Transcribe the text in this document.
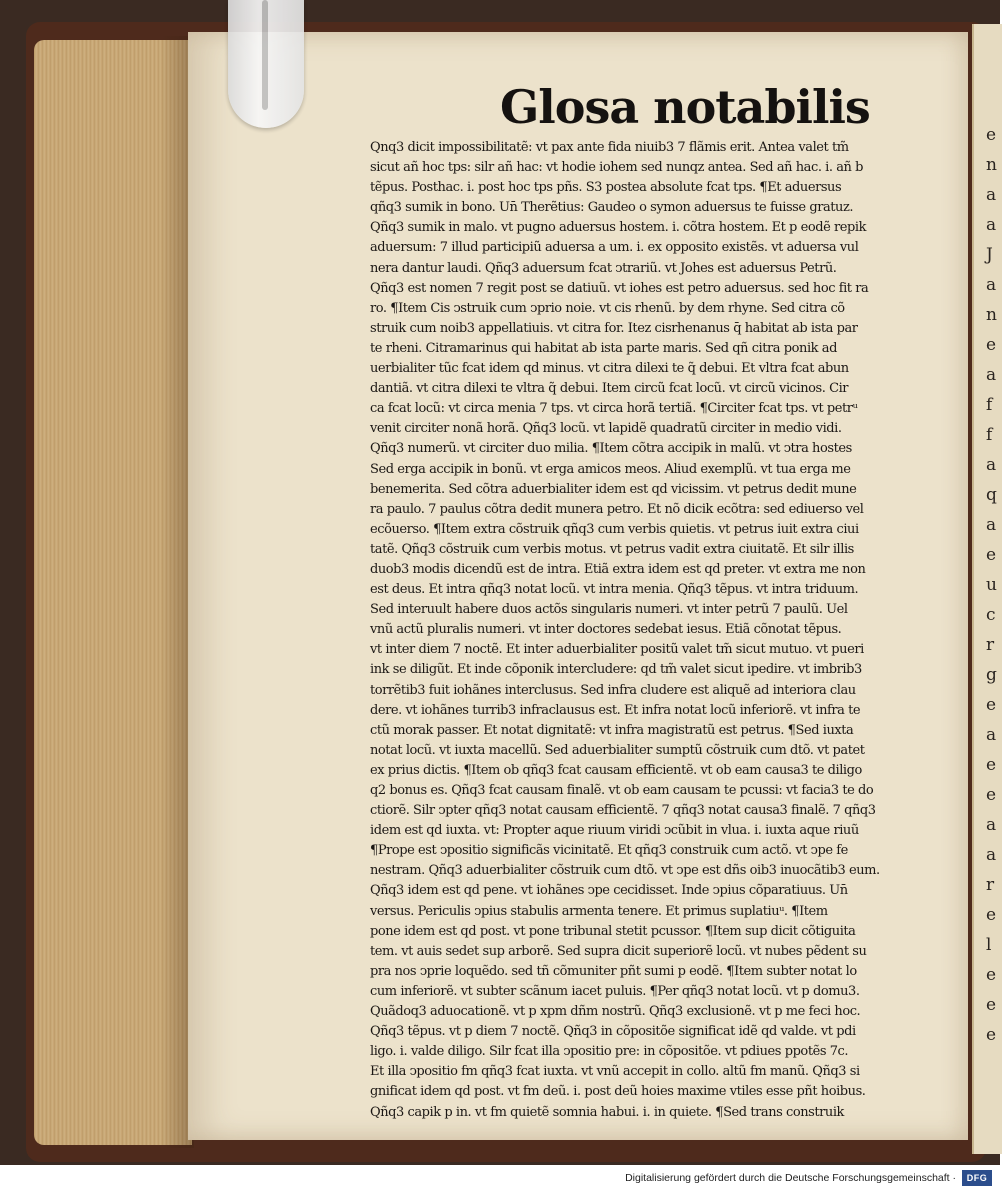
e
n
a
a
J
a
n
e
a
f
f
a
q
a
e
u
c
r
g
e
a
e
e
a
a
r
e
l
e
e
e
Glosa notabilis
Qnq3 dicit impossibilitatẽ: vt pax ante fida niuib3 7 flãmis erit. Antea valet tm̃
sicut añ hoc tps: silr añ hac: vt hodie iohem sed nunqz antea. Sed añ hac. i. añ b
tẽpus. Posthac. i. post hoc tps pñs. S3 postea absolute fcat tps. ¶Et aduersus
qñq3 sumik in bono. Un̄ Therẽtius: Gaudeo o symon aduersus te fuisse gratuz.
Qñq3 sumik in malo. vt pugno aduersus hostem. i. cõtra hostem. Et p eodẽ repik
aduersum: 7 illud participiũ aduersa a um. i. ex opposito existẽs. vt aduersa vul
nera dantur laudi. Qñq3 aduersum fcat ↄtrariũ. vt Johes est aduersus Petrũ.
Qñq3 est nomen 7 regit post se datiuũ. vt iohes est petro aduersus. sed hoc fit ra
ro. ¶Item Cis ↄstruik cum ↄprio noie. vt cis rhenũ. by dem rhyne. Sed citra cõ
struik cum noib3 appellatiuis. vt citra for. Itez cisrhenanus q̄ habitat ab ista par
te rheni. Citramarinus qui habitat ab ista parte maris. Sed qñ citra ponik ad
uerbialiter tũc fcat idem qd minus. vt citra dilexi te q̃ debui. Et vltra fcat abun
dantiã. vt citra dilexi te vltra q̃ debui. Item circũ fcat locũ. vt circũ vicinos. Cir
ca fcat locũ: vt circa menia 7 tps. vt circa horã tertiã. ¶Circiter fcat tps. vt petrᵘ
venit circiter nonã horã. Qñq3 locũ. vt lapidẽ quadratũ circiter in medio vidi.
Qñq3 numerũ. vt circiter duo milia. ¶Item cõtra accipik in malũ. vt ↄtra hostes
Sed erga accipik in bonũ. vt erga amicos meos. Aliud exemplũ. vt tua erga me
benemerita. Sed cõtra aduerbialiter idem est qd vicissim. vt petrus dedit mune
ra paulo. 7 paulus cõtra dedit munera petro. Et nõ dicik ecõtra: sed ediuerso vel
ecõuerso. ¶Item extra cõstruik qñq3 cum verbis quietis. vt petrus iuit extra ciui
tatẽ. Qñq3 cõstruik cum verbis motus. vt petrus vadit extra ciuitatẽ. Et silr illis
duob3 modis dicendũ est de intra. Etiã extra idem est qd preter. vt extra me non
est deus. Et intra qñq3 notat locũ. vt intra menia. Qñq3 tẽpus. vt intra triduum.
Sed interuult habere duos actõs singularis numeri. vt inter petrũ 7 paulũ. Uel
vnũ actũ pluralis numeri. vt inter doctores sedebat iesus. Etiã cõnotat tẽpus.
vt inter diem 7 noctẽ. Et inter aduerbialiter positũ valet tm̃ sicut mutuo. vt pueri
ink se diligũt. Et inde cõponik intercludere: qd tm̃ valet sicut ipedire. vt imbrib3
torrẽtib3 fuit iohãnes interclusus. Sed infra cludere est aliquẽ ad interiora clau
dere. vt iohãnes turrib3 infraclausus est. Et infra notat locũ inferiorẽ. vt infra te
ctũ morak passer. Et notat dignitatẽ: vt infra magistratũ est petrus. ¶Sed iuxta
notat locũ. vt iuxta macellũ. Sed aduerbialiter sumptũ cõstruik cum dtõ. vt patet
ex prius dictis. ¶Item ob qñq3 fcat causam efficientẽ. vt ob eam causa3 te diligo
q2 bonus es. Qñq3 fcat causam finalẽ. vt ob eam causam te pcussi: vt facia3 te do
ctiorẽ. Silr ↄpter qñq3 notat causam efficientẽ. 7 qñq3 notat causa3 finalẽ. 7 qñq3
idem est qd iuxta. vt: Propter aque riuum viridi ↄcũbit in vlua. i. iuxta aque riuũ
¶Prope est ↄpositio significãs vicinitatẽ. Et qñq3 construik cum actõ. vt ↄpe fe
nestram. Qñq3 aduerbialiter cõstruik cum dtõ. vt ↄpe est dñs oib3 inuocãtib3 eum.
Qñq3 idem est qd pene. vt iohãnes ↄpe cecidisset. Inde ↄpius cõparatiuus. Un̄
versus. Periculis ↄpius stabulis armenta tenere. Et primus suplatiuᵘ. ¶Item
pone idem est qd post. vt pone tribunal stetit pcussor. ¶Item sup dicit cõtiguita
tem. vt auis sedet sup arborẽ. Sed supra dicit superiorẽ locũ. vt nubes pẽdent su
pra nos ↄprie loquẽdo. sed tñ cõmuniter pñt sumi p eodẽ. ¶Item subter notat lo
cum inferiorẽ. vt subter scãnum iacet puluis. ¶Per qñq3 notat locũ. vt p domu3.
Quãdoq3 aduocationẽ. vt p xpm dñm nostrũ. Qñq3 exclusionẽ. vt p me feci hoc.
Qñq3 tẽpus. vt p diem 7 noctẽ. Qñq3 in cõpositõe significat idẽ qd valde. vt pdi
ligo. i. valde diligo. Silr fcat illa ↄpositio pre: in cõpositõe. vt pdiues ppotẽs 7c.
Et illa ↄpositio fm qñq3 fcat iuxta. vt vnũ accepit in collo. altũ fm manũ. Qñq3 si
gnificat idem qd post. vt fm deũ. i. post deũ hoies maxime vtiles esse pñt hoibus.
Qñq3 capik p in. vt fm quietẽ somnia habui. i. in quiete. ¶Sed trans construik
Digitalisierung gefördert durch die Deutsche Forschungsgemeinschaft ·	DFG
